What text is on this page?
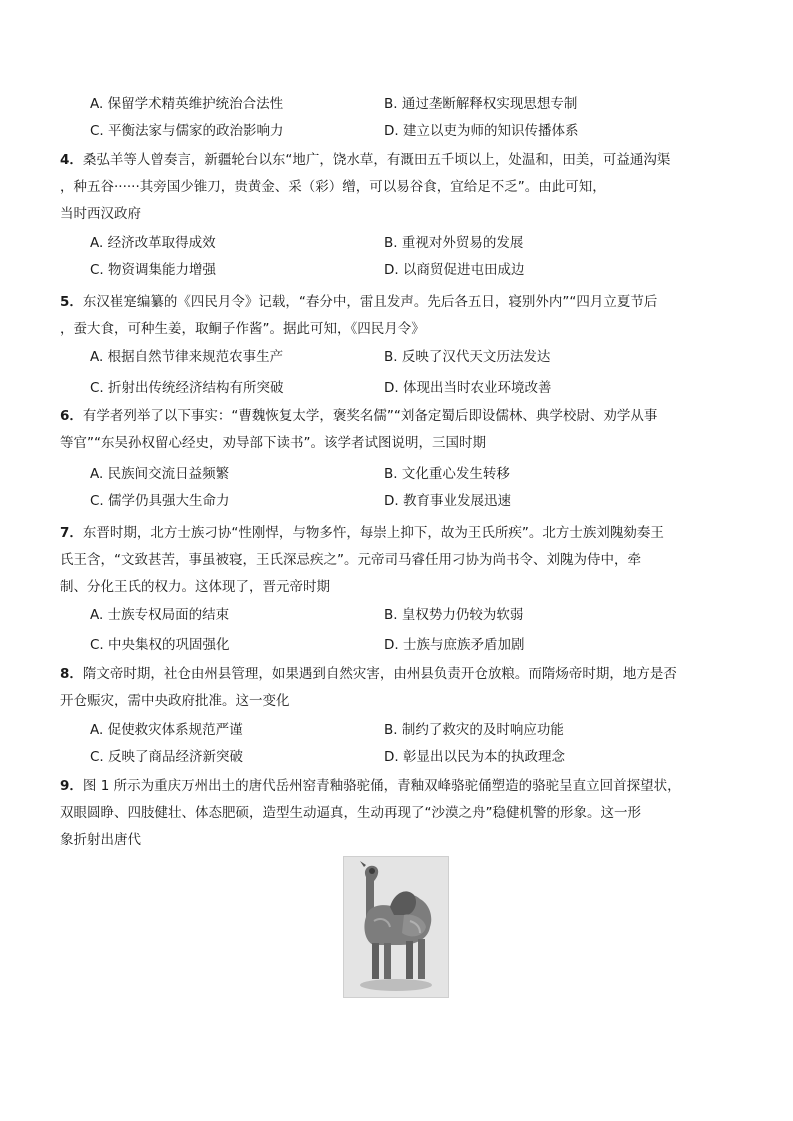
A. 保留学术精英维护统治合法性	B. 通过垄断解释权实现思想专制
C. 平衡法家与儒家的政治影响力	D. 建立以吏为师的知识传播体系
4．桑弘羊等人曾奏言，新疆轮台以东“地广，饶水草，有溉田五千顷以上，处温和，田美，可益通沟渠
，种五谷······其旁国少锥刀，贵黄金、采（彩）缯，可以易谷食，宜给足不乏”。由此可知，
当时西汉政府
A. 经济改革取得成效	B. 重视对外贸易的发展
C. 物资调集能力增强	D. 以商贸促进屯田成边
5．东汉崔寔编纂的《四民月令》记载，“春分中，雷且发声。先后各五日，寝别外内”“四月立夏节后
，蚕大食，可种生姜，取鲖子作酱”。据此可知，《四民月令》
A. 根据自然节律来规范农事生产	B. 反映了汉代天文历法发达
C. 折射出传统经济结构有所突破	D. 体现出当时农业环境改善
6．有学者列举了以下事实：“曹魏恢复太学，褒奖名儒”“刘备定蜀后即设儒林、典学校尉、劝学从事
等官”“东吴孙权留心经史，劝导部下读书”。该学者试图说明，三国时期
A. 民族间交流日益频繁	B. 文化重心发生转移
C. 儒学仍具强大生命力	D. 教育事业发展迅速
7．东晋时期，北方士族刁协“性刚悍，与物多忤，每崇上抑下，故为王氏所疾”。北方士族刘隗劾奏王
氏王含，“文致甚苦，事虽被寝，王氏深忌疾之”。元帝司马睿任用刁协为尚书令、刘隗为侍中，牵
制、分化王氏的权力。这体现了，晋元帝时期
A. 士族专权局面的结束	B. 皇权势力仍较为软弱
C. 中央集权的巩固强化	D. 士族与庶族矛盾加剧
8．隋文帝时期，社仓由州县管理，如果遇到自然灾害，由州县负责开仓放粮。而隋炀帝时期，地方是否
开仓赈灾，需中央政府批准。这一变化
A. 促使救灾体系规范严谨	B. 制约了救灾的及时响应功能
C. 反映了商品经济新突破	D. 彰显出以民为本的执政理念
9．图 1 所示为重庆万州出土的唐代岳州窑青釉骆驼俑，青釉双峰骆驼俑塑造的骆驼呈直立回首探望状，
双眼圆睁、四肢健壮、体态肥硕，造型生动逼真，生动再现了“沙漠之舟”稳健机警的形象。这一形
象折射出唐代
